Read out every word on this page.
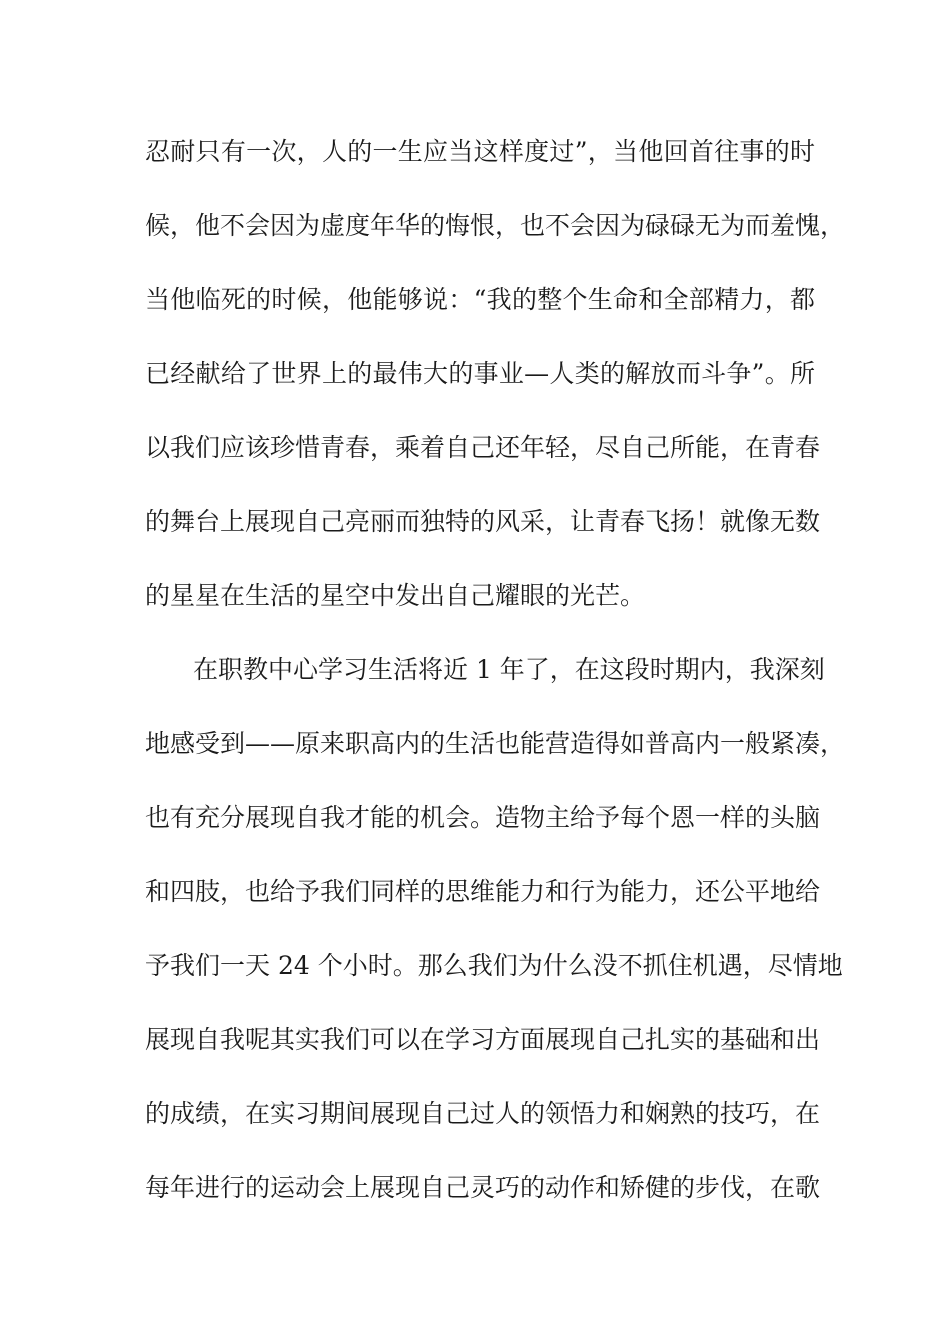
忍耐只有一次，人的一生应当这样度过”，当他回首往事的时
候，他不会因为虚度年华的悔恨，也不会因为碌碌无为而羞愧，
当他临死的时候，他能够说：“我的整个生命和全部精力，都
已经献给了世界上的最伟大的事业—人类的解放而斗争”。所
以我们应该珍惜青春，乘着自己还年轻，尽自己所能，在青春
的舞台上展现自己亮丽而独特的风采，让青春飞扬！就像无数
的星星在生活的星空中发出自己耀眼的光芒。
在职教中心学习生活将近 1 年了，在这段时期内，我深刻
地感受到——原来职高内的生活也能营造得如普高内一般紧凑，
也有充分展现自我才能的机会。造物主给予每个恩一样的头脑
和四肢，也给予我们同样的思维能力和行为能力，还公平地给
予我们一天 24 个小时。那么我们为什么没不抓住机遇，尽情地
展现自我呢其实我们可以在学习方面展现自己扎实的基础和出
的成绩，在实习期间展现自己过人的领悟力和娴熟的技巧，在
每年进行的运动会上展现自己灵巧的动作和矫健的步伐，在歌
